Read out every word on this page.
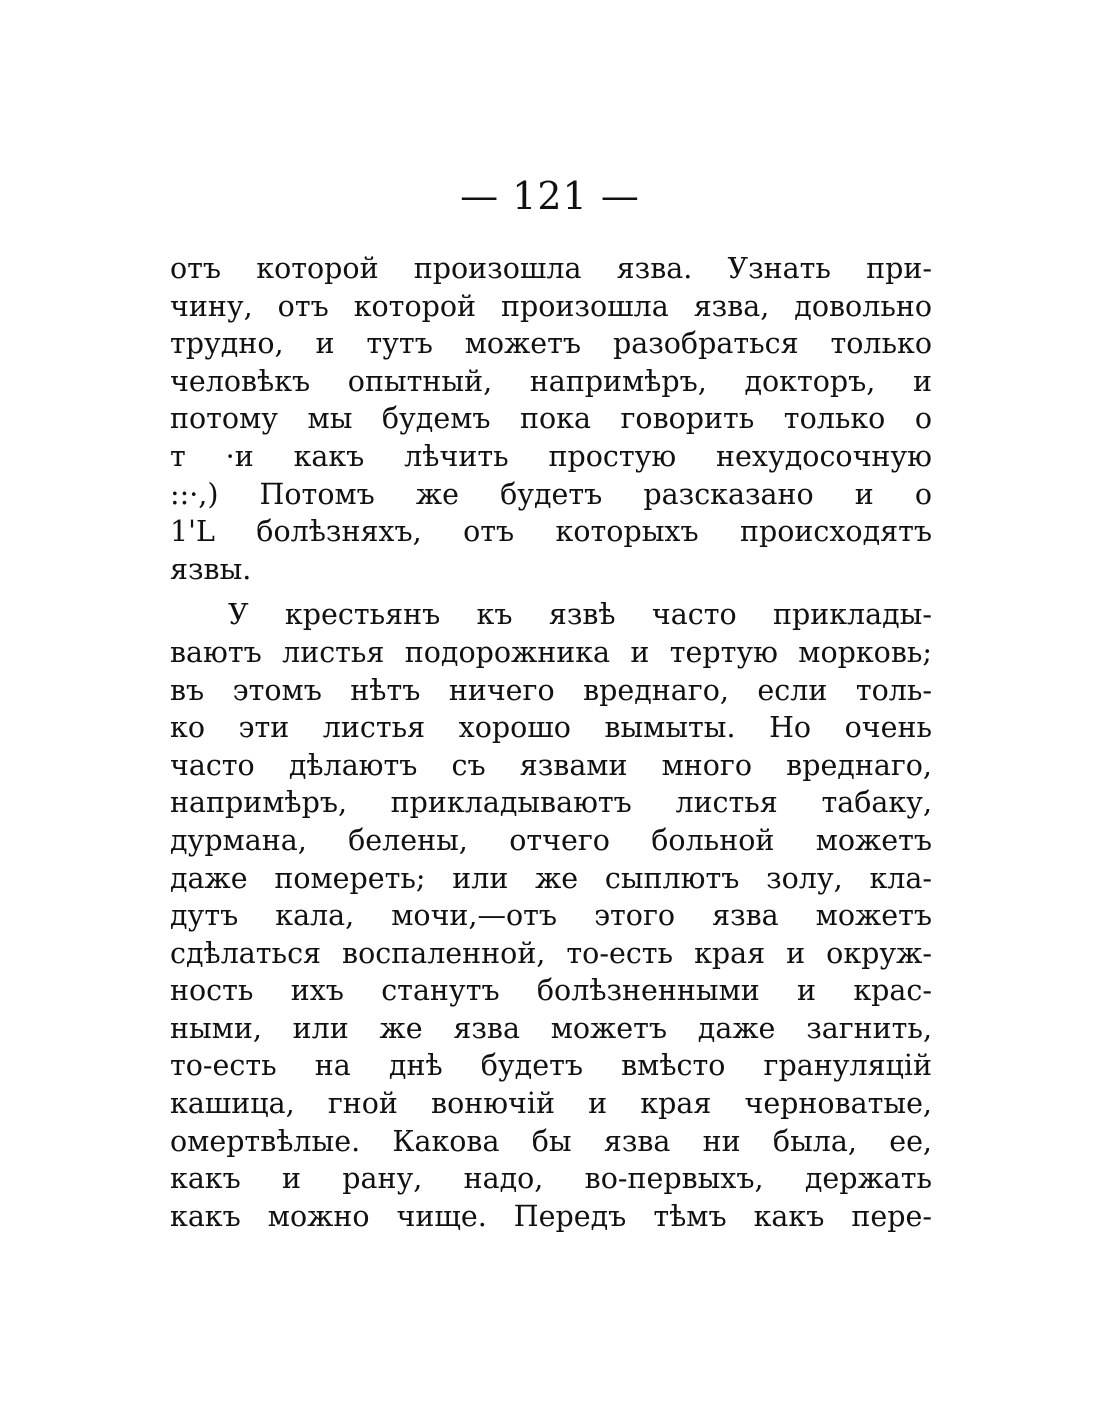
— 121 —
отъ которой произошла язва. Узнать при-
чину, отъ которой произошла язва, довольно
трудно, и тутъ можетъ разобраться только
человѣкъ опытный, напримѣръ, докторъ, и
потому мы будемъ пока говорить только о
т ·и какъ лѣчить простую нехудосочную
::·,) Потомъ же будетъ разсказано и о
1'L болѣзняхъ, отъ которыхъ происходятъ
язвы.
У крестьянъ къ язвѣ часто приклады-
ваютъ листья подорожника и тертую морковь;
въ этомъ нѣтъ ничего вреднаго, если толь-
ко эти листья хорошо вымыты. Но очень
часто дѣлаютъ съ язвами много вреднаго,
напримѣръ, прикладываютъ листья табаку,
дурмана, белены, отчего больной можетъ
даже помереть; или же сыплютъ золу, кла-
дутъ кала, мочи,—отъ этого язва можетъ
сдѣлаться воспаленной, то-есть края и окруж-
ность ихъ станутъ болѣзненными и крас-
ными, или же язва можетъ даже загнить,
то-есть на днѣ будетъ вмѣсто грануляцій
кашица, гной вонючій и края черноватые,
омертвѣлые. Какова бы язва ни была, ее,
какъ и рану, надо, во-первыхъ, держать
какъ можно чище. Передъ тѣмъ какъ пере-
